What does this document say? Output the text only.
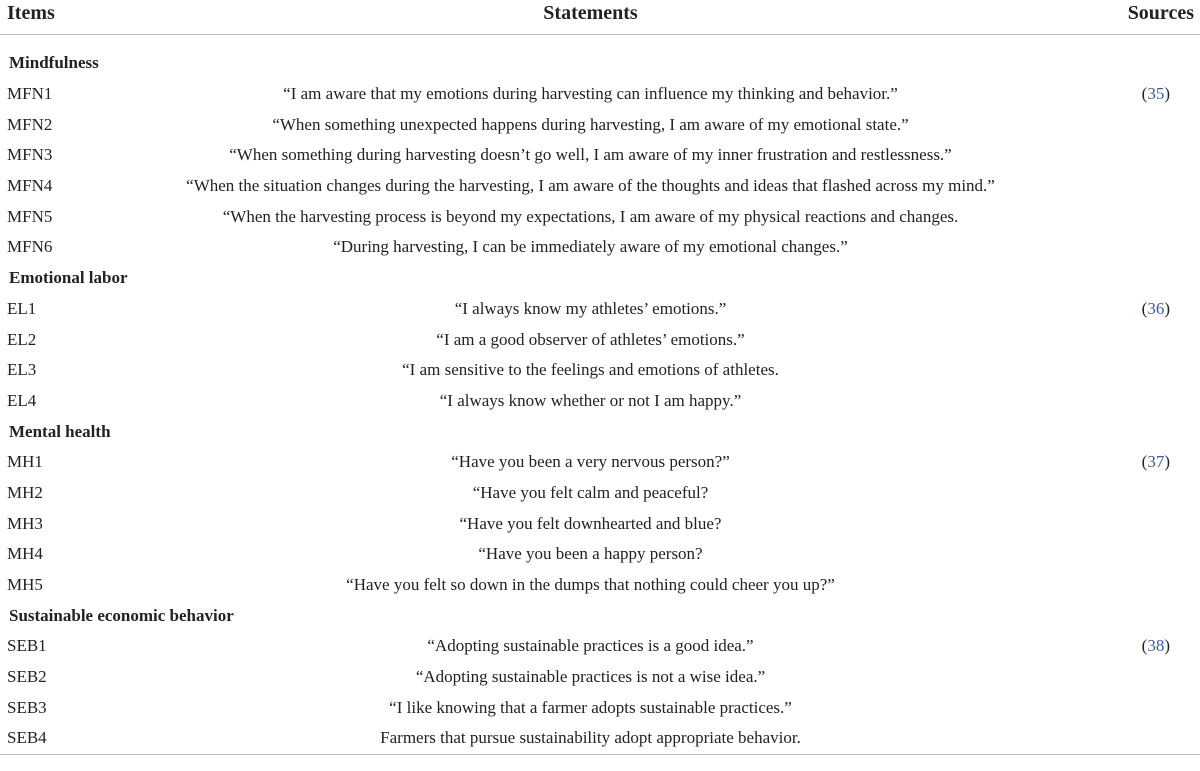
Items	Statements	Sources

Mindfulness		
MFN1	“I am aware that my emotions during harvesting can influence my thinking and behavior.”	(35)
MFN2	“When something unexpected happens during harvesting, I am aware of my emotional state.”	
MFN3	“When something during harvesting doesn’t go well, I am aware of my inner frustration and restlessness.”	
MFN4	“When the situation changes during the harvesting, I am aware of the thoughts and ideas that flashed across my mind.”	
MFN5	“When the harvesting process is beyond my expectations, I am aware of my physical reactions and changes.	
MFN6	“During harvesting, I can be immediately aware of my emotional changes.”	
Emotional labor		
EL1	“I always know my athletes’ emotions.”	(36)
EL2	“I am a good observer of athletes’ emotions.”	
EL3	“I am sensitive to the feelings and emotions of athletes.	
EL4	“I always know whether or not I am happy.”	
Mental health		
MH1	“Have you been a very nervous person?”	(37)
MH2	“Have you felt calm and peaceful?	
MH3	“Have you felt downhearted and blue?	
MH4	“Have you been a happy person?	
MH5	“Have you felt so down in the dumps that nothing could cheer you up?”	
Sustainable economic behavior		
SEB1	“Adopting sustainable practices is a good idea.”	(38)
SEB2	“Adopting sustainable practices is not a wise idea.”	
SEB3	“I like knowing that a farmer adopts sustainable practices.”	
SEB4	Farmers that pursue sustainability adopt appropriate behavior.	
